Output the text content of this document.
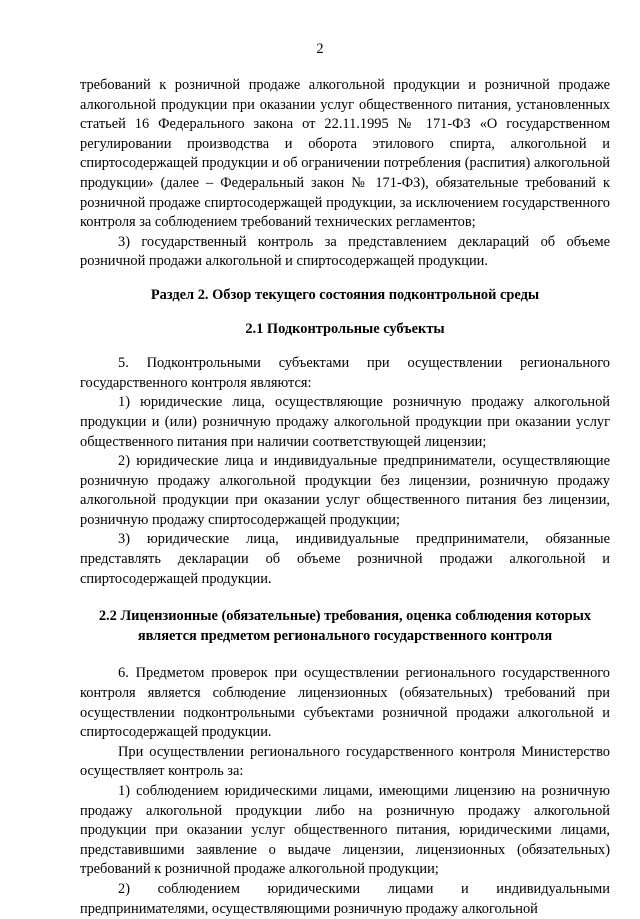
2

требований к розничной продаже алкогольной продукции и розничной продаже алкогольной продукции при оказании услуг общественного питания, установленных статьей 16 Федерального закона от 22.11.1995 № 171-ФЗ «О государственном регулировании производства и оборота этилового спирта, алкогольной и спиртосодержащей продукции и об ограничении потребления (распития) алкогольной продукции» (далее – Федеральный закон № 171-ФЗ), обязательные требований к розничной продаже спиртосодержащей продукции, за исключением государственного контроля за соблюдением требований технических регламентов;

3) государственный контроль за представлением деклараций об объеме розничной продажи алкогольной и спиртосодержащей продукции.

Раздел 2. Обзор текущего состояния подконтрольной среды

2.1 Подконтрольные субъекты

5. Подконтрольными субъектами при осуществлении регионального государственного контроля являются:

1) юридические лица, осуществляющие розничную продажу алкогольной продукции и (или) розничную продажу алкогольной продукции при оказании услуг общественного питания при наличии соответствующей лицензии;

2) юридические лица и индивидуальные предприниматели, осуществляющие розничную продажу алкогольной продукции без лицензии, розничную продажу алкогольной продукции при оказании услуг общественного питания без лицензии, розничную продажу спиртосодержащей продукции;

3) юридические лица, индивидуальные предприниматели, обязанные представлять декларации об объеме розничной продажи алкогольной и спиртосодержащей продукции.

2.2 Лицензионные (обязательные) требования, оценка соблюдения которых является предметом регионального государственного контроля

6. Предметом проверок при осуществлении регионального государственного контроля является соблюдение лицензионных (обязательных) требований при осуществлении подконтрольными субъектами розничной продажи алкогольной и спиртосодержащей продукции.

При осуществлении регионального государственного контроля Министерство осуществляет контроль за:

1) соблюдением юридическими лицами, имеющими лицензию на розничную продажу алкогольной продукции либо на розничную продажу алкогольной продукции при оказании услуг общественного питания, юридическими лицами, представившими заявление о выдаче лицензии, лицензионных (обязательных) требований к розничной продаже алкогольной продукции;

2) соблюдением юридическими лицами и индивидуальными предпринимателями, осуществляющими розничную продажу алкогольной
